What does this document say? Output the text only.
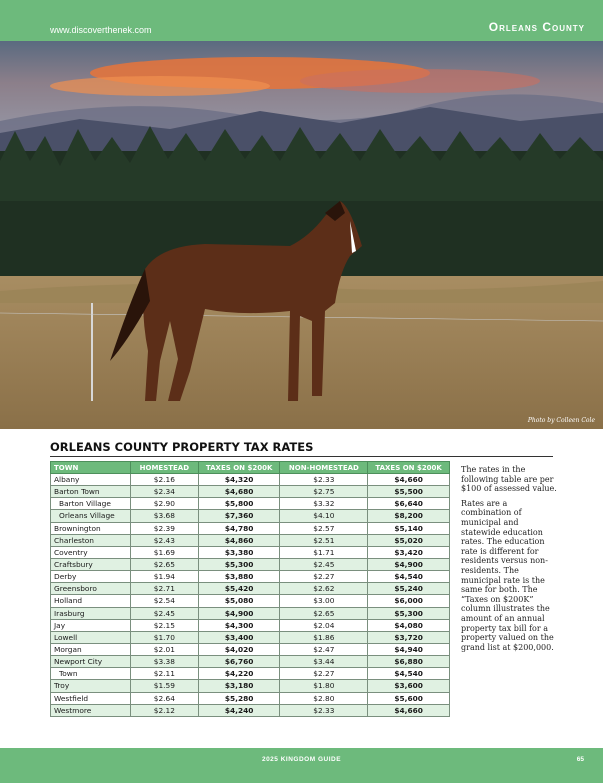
www.discoverthenek.com	Orleans County
Photo by Colleen Cole
ORLEANS COUNTY PROPERTY TAX RATES
TOWN	HOMESTEAD	TAXES ON $200K	NON-HOMESTEAD	TAXES ON $200K
Albany	$2.16	$4,320	$2.33	$4,660
Barton Town	$2.34	$4,680	$2.75	$5,500
Barton Village	$2.90	$5,800	$3.32	$6,640
Orleans Village	$3.68	$7,360	$4.10	$8,200
Brownington	$2.39	$4,780	$2.57	$5,140
Charleston	$2.43	$4,860	$2.51	$5,020
Coventry	$1.69	$3,380	$1.71	$3,420
Craftsbury	$2.65	$5,300	$2.45	$4,900
Derby	$1.94	$3,880	$2.27	$4,540
Greensboro	$2.71	$5,420	$2.62	$5,240
Holland	$2.54	$5,080	$3.00	$6,000
Irasburg	$2.45	$4,900	$2.65	$5,300
Jay	$2.15	$4,300	$2.04	$4,080
Lowell	$1.70	$3,400	$1.86	$3,720
Morgan	$2.01	$4,020	$2.47	$4,940
Newport City	$3.38	$6,760	$3.44	$6,880
Town	$2.11	$4,220	$2.27	$4,540
Troy	$1.59	$3,180	$1.80	$3,600
Westfield	$2.64	$5,280	$2.80	$5,600
Westmore	$2.12	$4,240	$2.33	$4,660

The rates in the following table are per $100 of assessed value.

Rates are a combination of municipal and statewide education rates. The education rate is different for residents versus non-residents. The municipal rate is the same for both. The “Taxes on $200K” column illustrates the amount of an annual property tax bill for a property valued on the grand list at $200,000.

2025 KINGDOM GUIDE	65
